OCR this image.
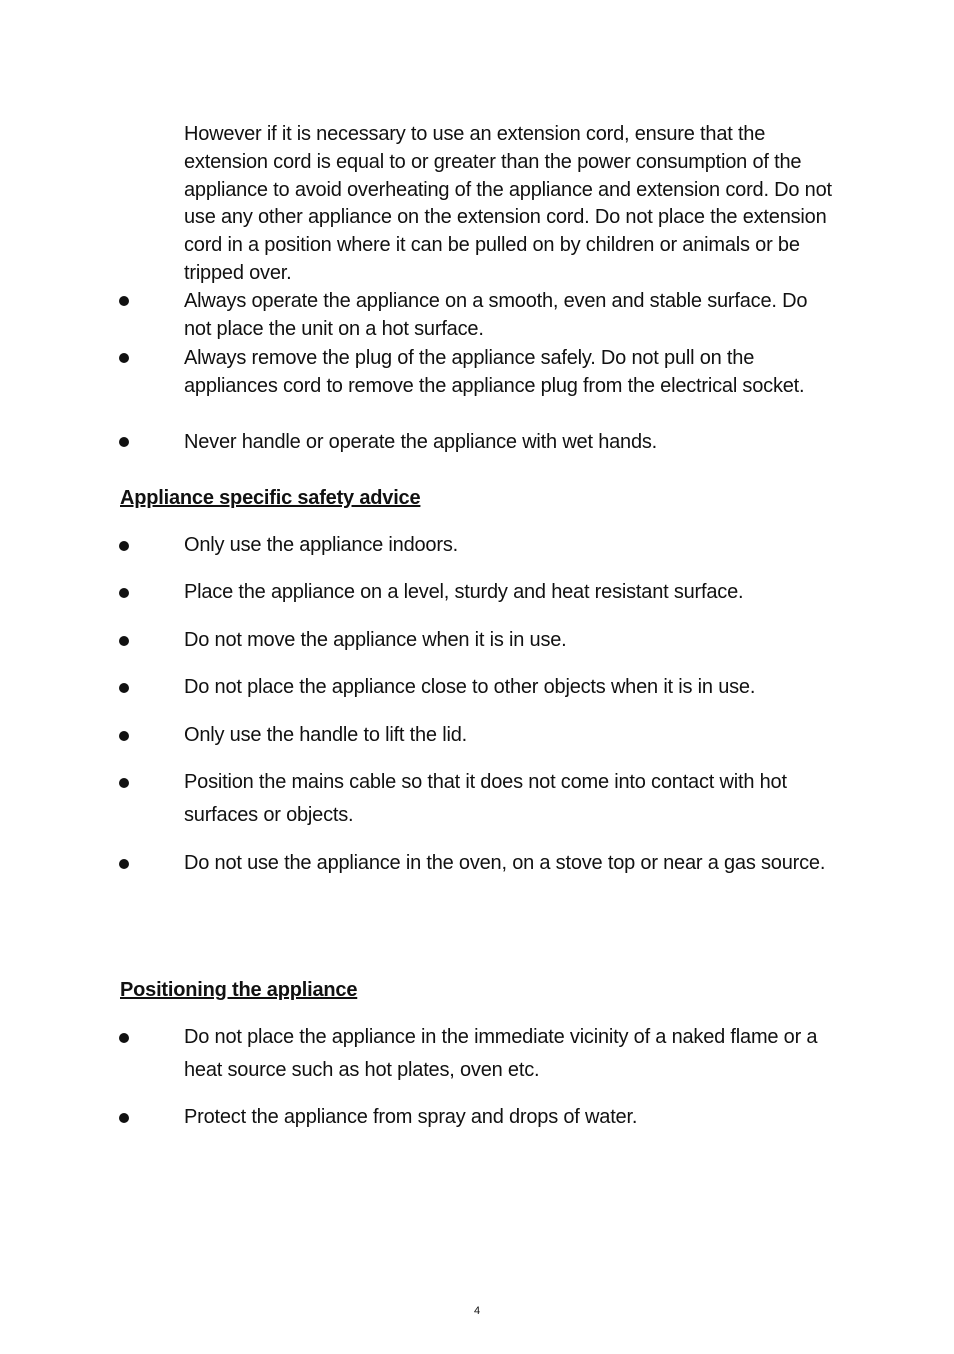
However if it is necessary to use an extension cord, ensure that the extension cord is equal to or greater than the power consumption of the appliance to avoid overheating of the appliance and extension cord. Do not use any other appliance on the extension cord. Do not place the extension cord in a position where it can be pulled on by children or animals or be tripped over.
Always operate the appliance on a smooth, even and stable surface. Do not place the unit on a hot surface.
Always remove the plug of the appliance safely. Do not pull on the appliances cord to remove the appliance plug from the electrical socket.
Never handle or operate the appliance with wet hands.
Appliance specific safety advice
Only use the appliance indoors.
Place the appliance on a level, sturdy and heat resistant surface.
Do not move the appliance when it is in use.
Do not place the appliance close to other objects when it is in use.
Only use the handle to lift the lid.
Position the mains cable so that it does not come into contact with hot surfaces or objects.
Do not use the appliance in the oven, on a stove top or near a gas source.
Positioning the appliance
Do not place the appliance in the immediate vicinity of a naked flame or a heat source such as hot plates, oven etc.
Protect the appliance from spray and drops of water.
4
